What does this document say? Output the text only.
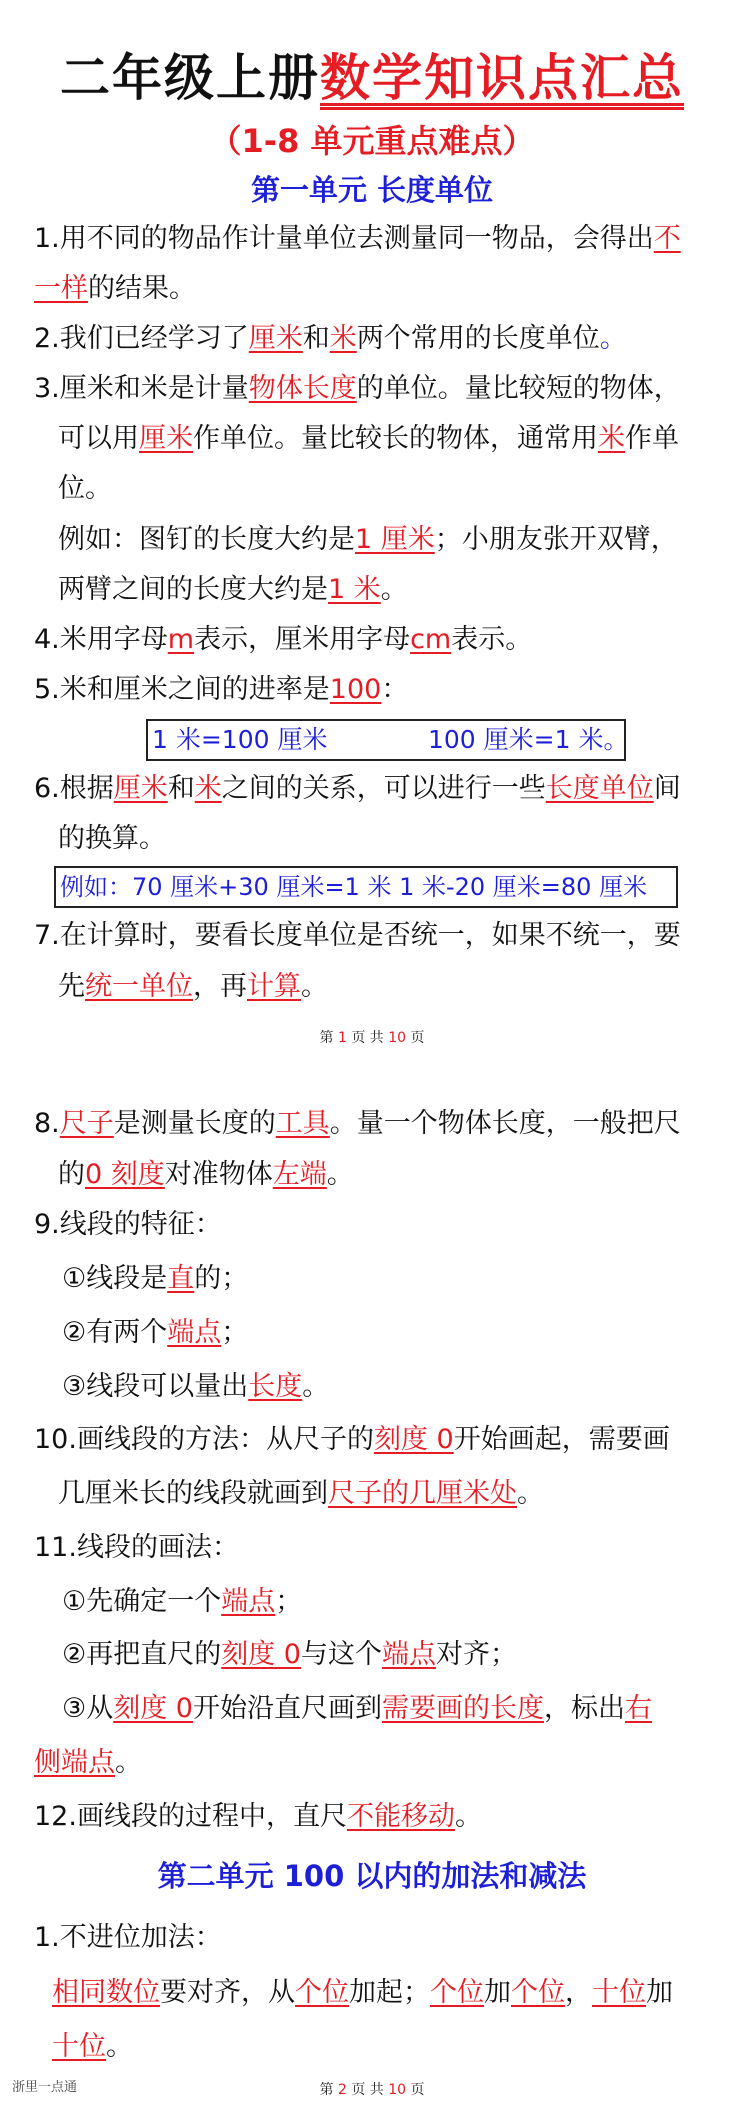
二年级上册数学知识点汇总
（1-8 单元重点难点）
第一单元 长度单位
1.用不同的物品作计量单位去测量同一物品，会得出不
一样的结果。
2.我们已经学习了厘米和米两个常用的长度单位。
3.厘米和米是计量物体长度的单位。量比较短的物体，
可以用厘米作单位。量比较长的物体，通常用米作单
位。
例如：图钉的长度大约是1 厘米；小朋友张开双臂，
两臂之间的长度大约是1 米。
4.米用字母m表示，厘米用字母cm表示。
5.米和厘米之间的进率是100：
1 米=100 厘米	100 厘米=1 米。
6.根据厘米和米之间的关系，可以进行一些长度单位间
的换算。
例如：70 厘米+30 厘米=1 米 1 米-20 厘米=80 厘米
7.在计算时，要看长度单位是否统一，如果不统一，要
先统一单位，再计算。
第 1 页 共 10 页
8.尺子是测量长度的工具。量一个物体长度，一般把尺
的0 刻度对准物体左端。
9.线段的特征：
①线段是直的；
②有两个端点；
③线段可以量出长度。
10.画线段的方法：从尺子的刻度 0开始画起，需要画
几厘米长的线段就画到尺子的几厘米处。
11.线段的画法：
①先确定一个端点；
②再把直尺的刻度 0与这个端点对齐；
③从刻度 0开始沿直尺画到需要画的长度，标出右
侧端点。
12.画线段的过程中，直尺不能移动。
第二单元 100 以内的加法和减法
1.不进位加法：
相同数位要对齐，从个位加起；个位加个位，十位加
十位。
浙里一点通	第 2 页 共 10 页
